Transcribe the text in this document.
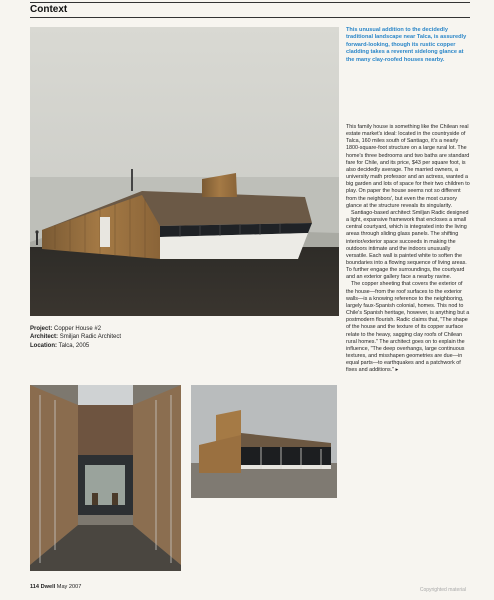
Context
This unusual addition to the decidedly traditional landscape near Talca, is assuredly forward-looking, though its rustic copper cladding takes a reverent sidelong glance at the many clay-roofed houses nearby.

This family house is something like the Chilean real estate market's ideal: located in the countryside of Talca, 160 miles south of Santiago, it's a nearly 1800-square-foot structure on a large rural lot. The home's three bedrooms and two baths are standard fare for Chile, and its price, $43 per square foot, is also decidedly average. The married owners, a university math professor and an actress, wanted a big garden and lots of space for their two children to play. On paper the house seems not so different from the neighbors', but even the most cursory glance at the structure reveals its singularity.

Santiago-based architect Smiljan Radic designed a light, expansive framework that encloses a small central courtyard, which is integrated into the living areas through sliding glass panels. The shifting interior/exterior space succeeds in making the outdoors intimate and the indoors unusually versatile. Each wall is painted white to soften the boundaries into a flowing sequence of living areas. To further engage the surroundings, the courtyard and an exterior gallery face a nearby ravine.

The copper sheeting that covers the exterior of the house—from the roof surfaces to the exterior walls—is a knowing reference to the neighboring, largely faux-Spanish colonial, homes. This nod to Chile's Spanish heritage, however, is anything but a postmodern flourish. Radic claims that, "The shape of the house and the texture of its copper surface relate to the heavy, sagging clay roofs of Chilean rural homes." The architect goes on to explain the influence, "The deep overhangs, large continuous textures, and misshapen geometries are due—in equal parts—to earthquakes and a patchwork of fixes and additions." ▸

Project: Copper House #2
Architect: Smiljan Radic Architect
Location: Talca, 2005
114 Dwell May 2007	Copyrighted material
